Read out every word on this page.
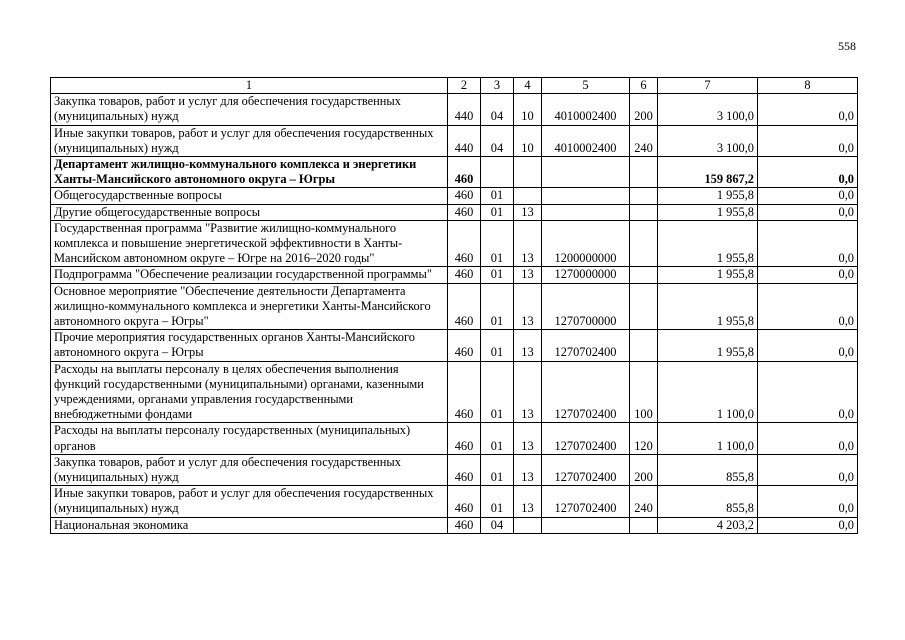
558
1	2	3	4	5	6	7	8
Закупка товаров, работ и услуг для обеспечения государственных (муниципальных) нужд	440	04	10	4010002400	200	3 100,0	0,0
Иные закупки товаров, работ и услуг для обеспечения государственных (муниципальных) нужд	440	04	10	4010002400	240	3 100,0	0,0
Департамент жилищно-коммунального комплекса и энергетики Ханты-Мансийского автономного округа – Югры	460					159 867,2	0,0
Общегосударственные вопросы	460	01				1 955,8	0,0
Другие общегосударственные вопросы	460	01	13			1 955,8	0,0
Государственная программа "Развитие жилищно-коммунального комплекса и повышение энергетической эффективности в Ханты-Мансийском автономном округе – Югре на 2016–2020 годы"	460	01	13	1200000000		1 955,8	0,0
Подпрограмма "Обеспечение реализации государственной программы"	460	01	13	1270000000		1 955,8	0,0
Основное мероприятие "Обеспечение деятельности Департамента жилищно-коммунального комплекса и энергетики Ханты-Мансийского автономного округа – Югры"	460	01	13	1270700000		1 955,8	0,0
Прочие мероприятия государственных органов Ханты-Мансийского автономного округа – Югры	460	01	13	1270702400		1 955,8	0,0
Расходы на выплаты персоналу в целях обеспечения выполнения функций государственными (муниципальными) органами, казенными учреждениями, органами управления государственными внебюджетными фондами	460	01	13	1270702400	100	1 100,0	0,0
Расходы на выплаты персоналу государственных (муниципальных) органов	460	01	13	1270702400	120	1 100,0	0,0
Закупка товаров, работ и услуг для обеспечения государственных (муниципальных) нужд	460	01	13	1270702400	200	855,8	0,0
Иные закупки товаров, работ и услуг для обеспечения государственных (муниципальных) нужд	460	01	13	1270702400	240	855,8	0,0
Национальная экономика	460	04				4 203,2	0,0
